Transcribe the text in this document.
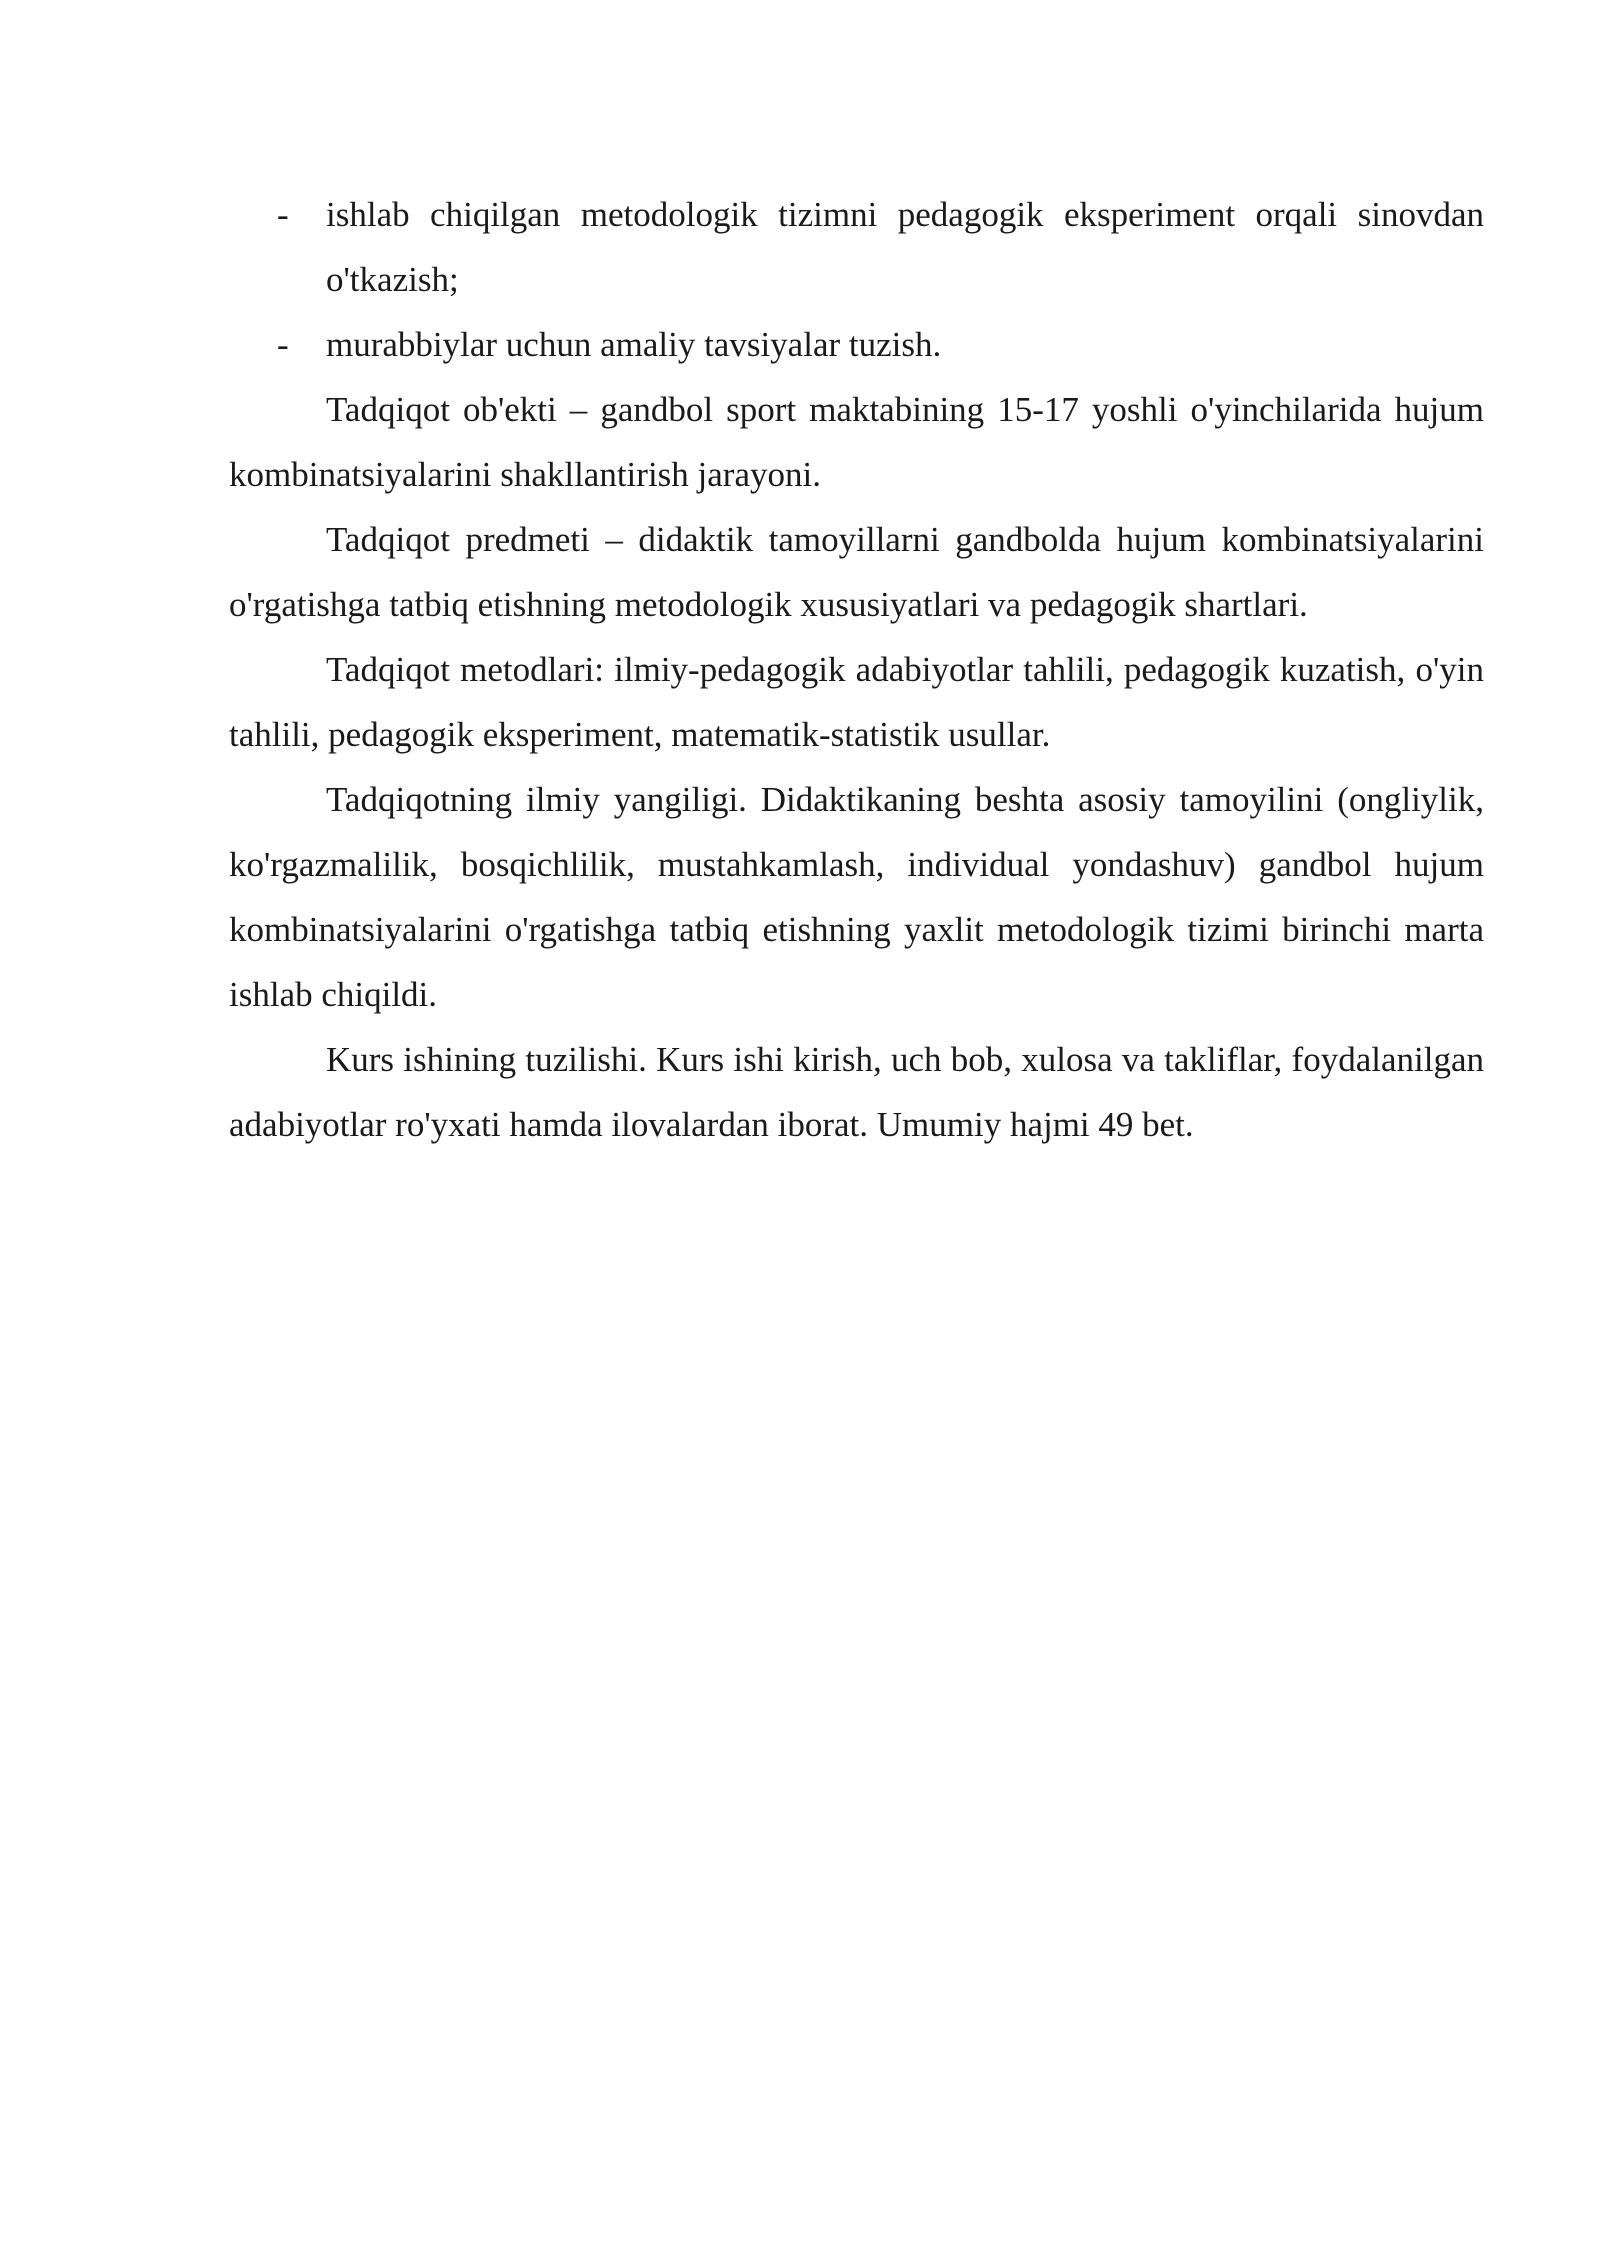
- ishlab chiqilgan metodologik tizimni pedagogik eksperiment orqali sinovdan o'tkazish;

- murabbiylar uchun amaliy tavsiyalar tuzish.

Tadqiqot ob'ekti – gandbol sport maktabining 15-17 yoshli o'yinchilarida hujum kombinatsiyalarini shakllantirish jarayoni.

Tadqiqot predmeti – didaktik tamoyillarni gandbolda hujum kombinatsiyalarini o'rgatishga tatbiq etishning metodologik xususiyatlari va pedagogik shartlari.

Tadqiqot metodlari: ilmiy-pedagogik adabiyotlar tahlili, pedagogik kuzatish, o'yin tahlili, pedagogik eksperiment, matematik-statistik usullar.

Tadqiqotning ilmiy yangiligi. Didaktikaning beshta asosiy tamoyilini (ongliylik, ko'rgazmalilik, bosqichlilik, mustahkamlash, individual yondashuv) gandbol hujum kombinatsiyalarini o'rgatishga tatbiq etishning yaxlit metodologik tizimi birinchi marta ishlab chiqildi.

Kurs ishining tuzilishi. Kurs ishi kirish, uch bob, xulosa va takliflar, foydalanilgan adabiyotlar ro'yxati hamda ilovalardan iborat. Umumiy hajmi 49 bet.
